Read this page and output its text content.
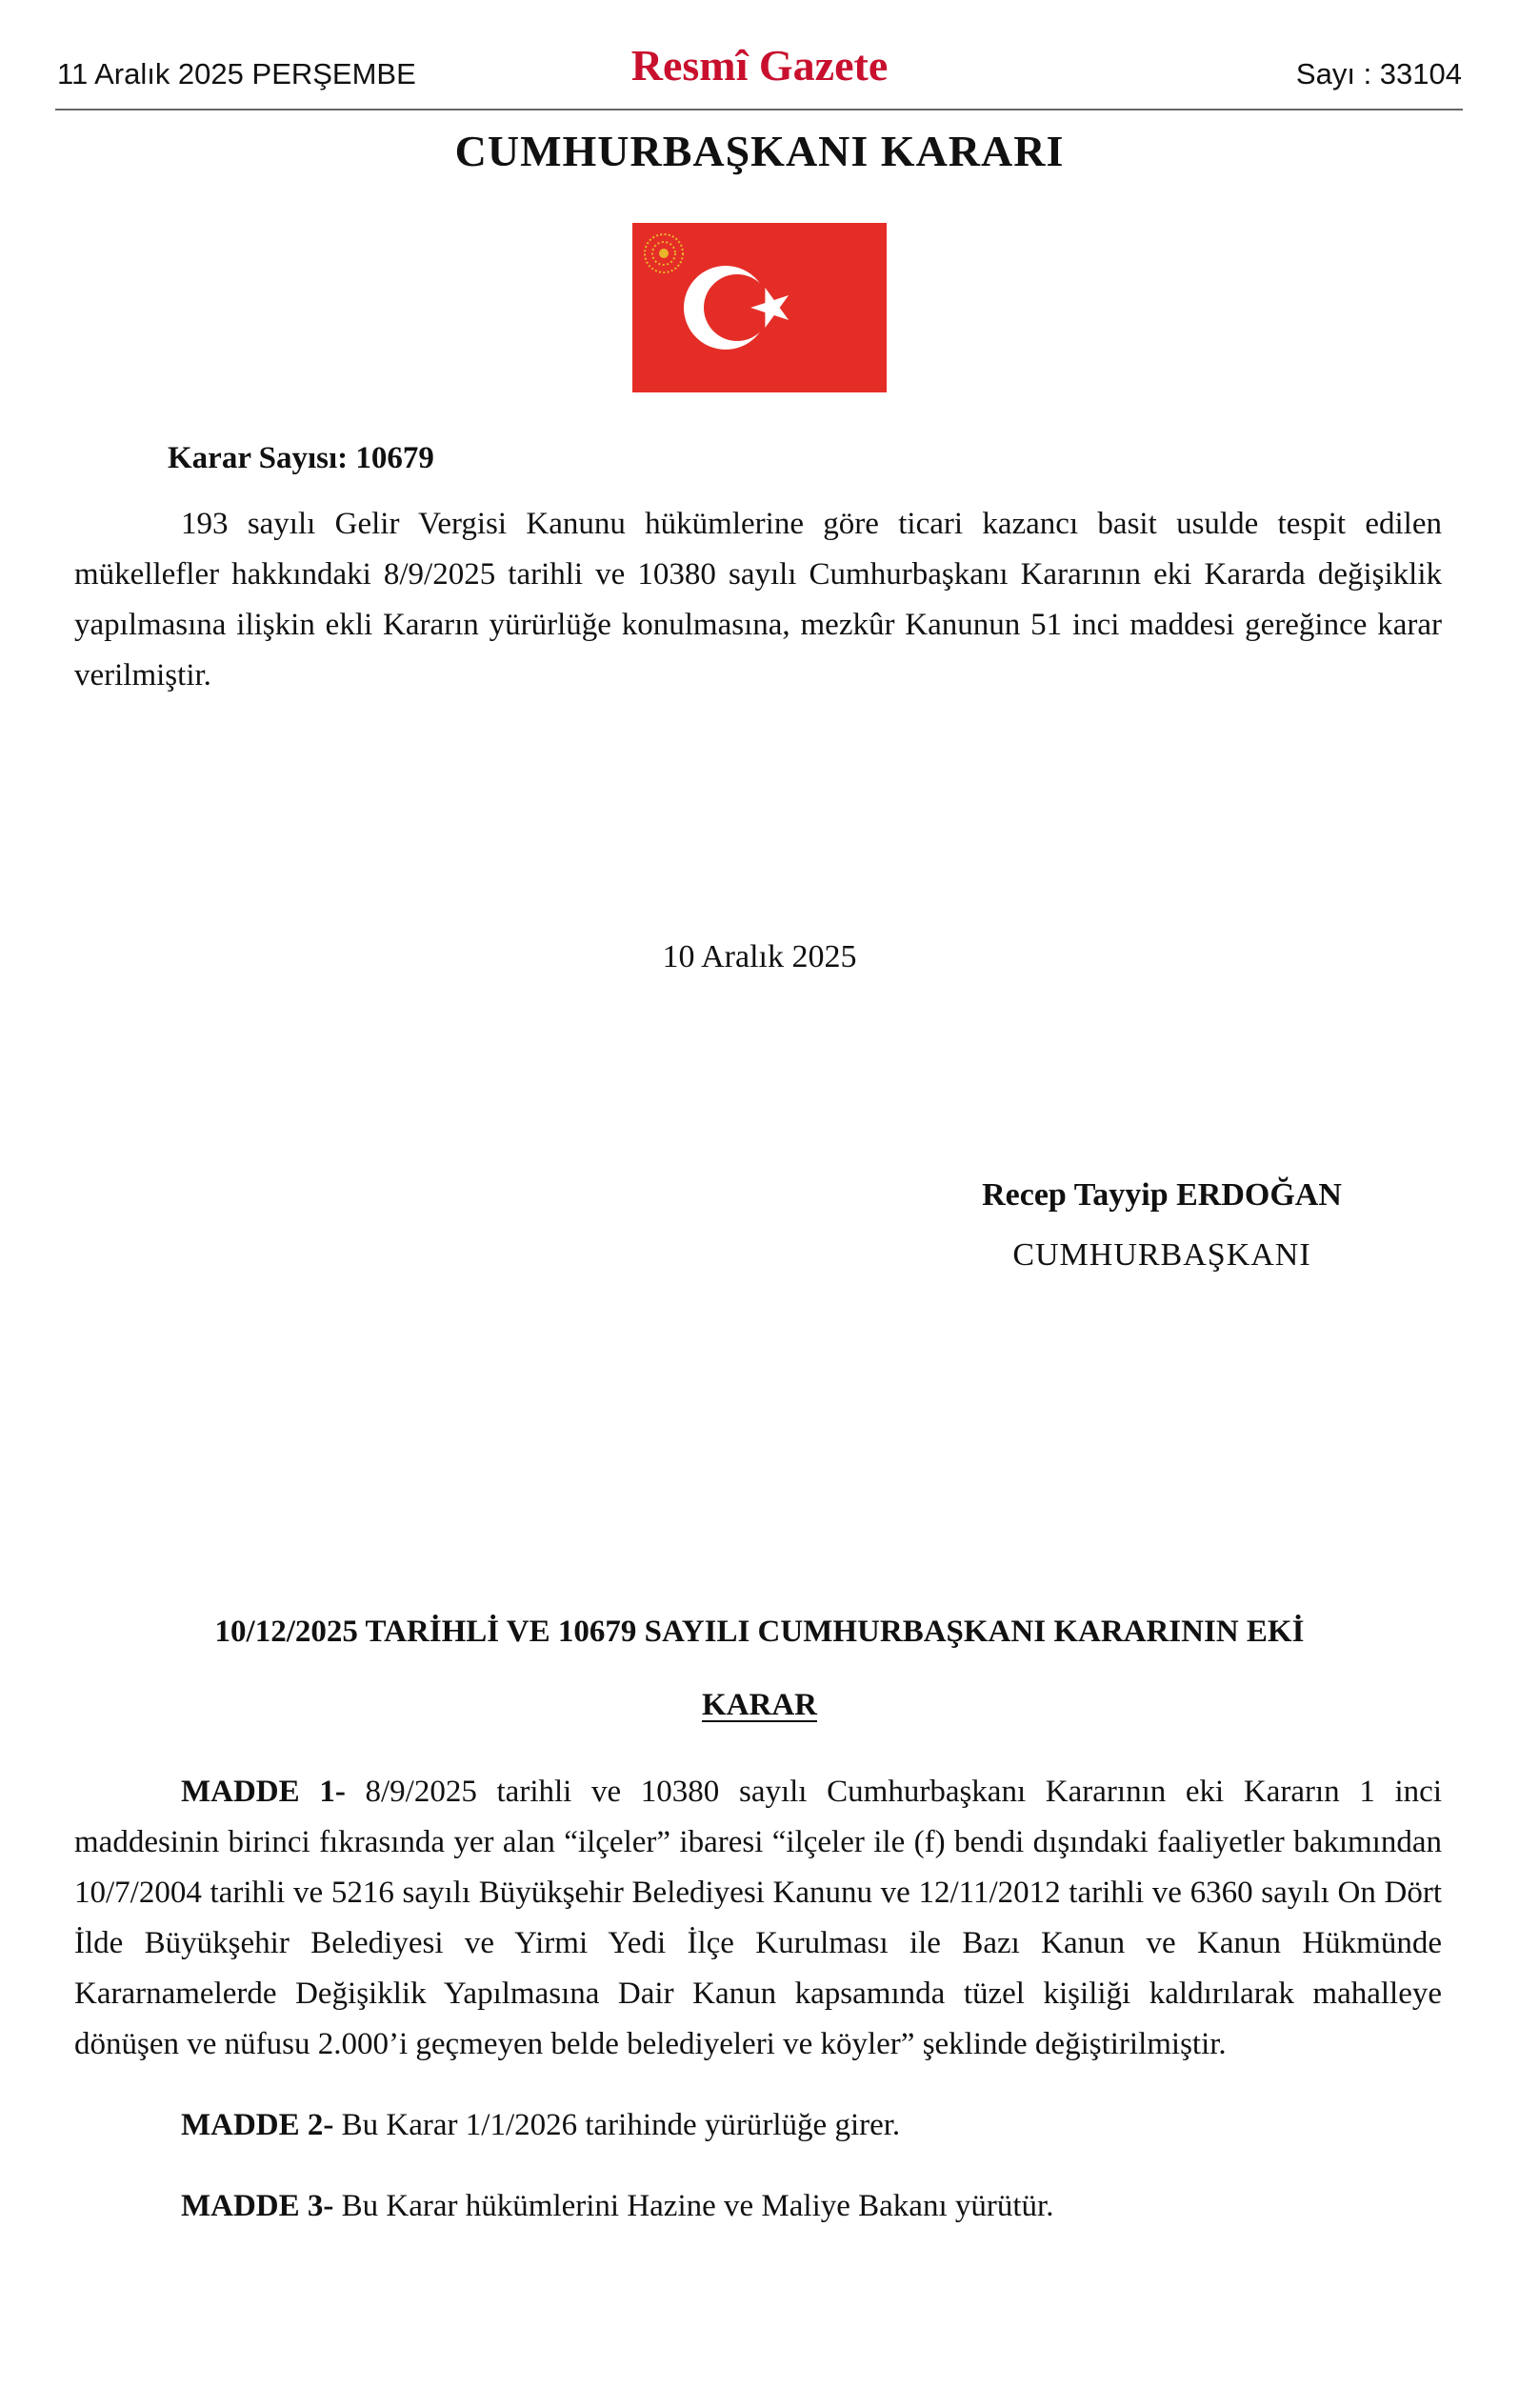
11 Aralık 2025 PERŞEMBE	Resmî Gazete	Sayı : 33104
CUMHURBAŞKANI KARARI
Karar Sayısı: 10679
193 sayılı Gelir Vergisi Kanunu hükümlerine göre ticari kazancı basit usulde tespit edilen mükellefler hakkındaki 8/9/2025 tarihli ve 10380 sayılı Cumhurbaşkanı Kararının eki Kararda değişiklik yapılmasına ilişkin ekli Kararın yürürlüğe konulmasına, mezkûr Kanunun 51 inci maddesi gereğince karar verilmiştir.
10 Aralık 2025
Recep Tayyip ERDOĞAN
CUMHURBAŞKANI
10/12/2025 TARİHLİ VE 10679 SAYILI CUMHURBAŞKANI KARARININ EKİ
KARAR
MADDE 1- 8/9/2025 tarihli ve 10380 sayılı Cumhurbaşkanı Kararının eki Kararın 1 inci maddesinin birinci fıkrasında yer alan “ilçeler” ibaresi “ilçeler ile (f) bendi dışındaki faaliyetler bakımından 10/7/2004 tarihli ve 5216 sayılı Büyükşehir Belediyesi Kanunu ve 12/11/2012 tarihli ve 6360 sayılı On Dört İlde Büyükşehir Belediyesi ve Yirmi Yedi İlçe Kurulması ile Bazı Kanun ve Kanun Hükmünde Kararnamelerde Değişiklik Yapılmasına Dair Kanun kapsamında tüzel kişiliği kaldırılarak mahalleye dönüşen ve nüfusu 2.000’i geçmeyen belde belediyeleri ve köyler” şeklinde değiştirilmiştir.
MADDE 2- Bu Karar 1/1/2026 tarihinde yürürlüğe girer.
MADDE 3- Bu Karar hükümlerini Hazine ve Maliye Bakanı yürütür.
